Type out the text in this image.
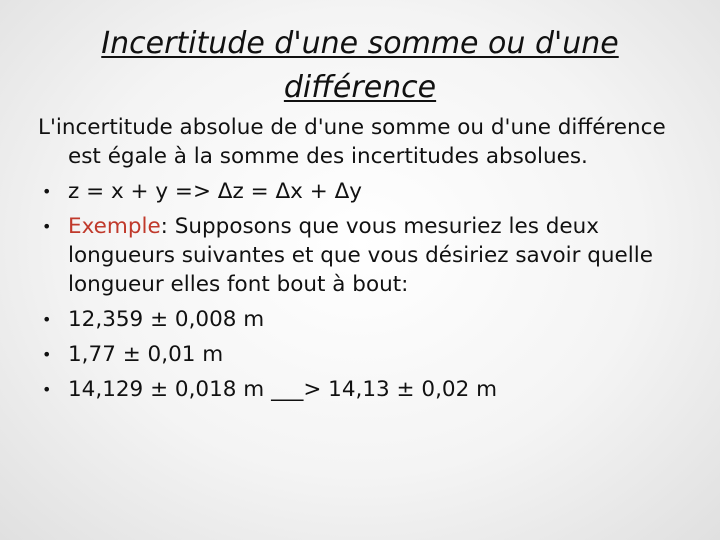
Incertitude d'une somme ou d'une
différence

L'incertitude absolue de d'une somme ou d'une différence est égale à la somme des incertitudes absolues.

• z = x + y => Δz = Δx + Δy
• Exemple: Supposons que vous mesuriez les deux longueurs suivantes et que vous désiriez savoir quelle longueur elles font bout à bout:
• 12,359 ± 0,008 m
• 1,77 ± 0,01 m
• 14,129 ± 0,018 m ___> 14,13 ± 0,02 m
